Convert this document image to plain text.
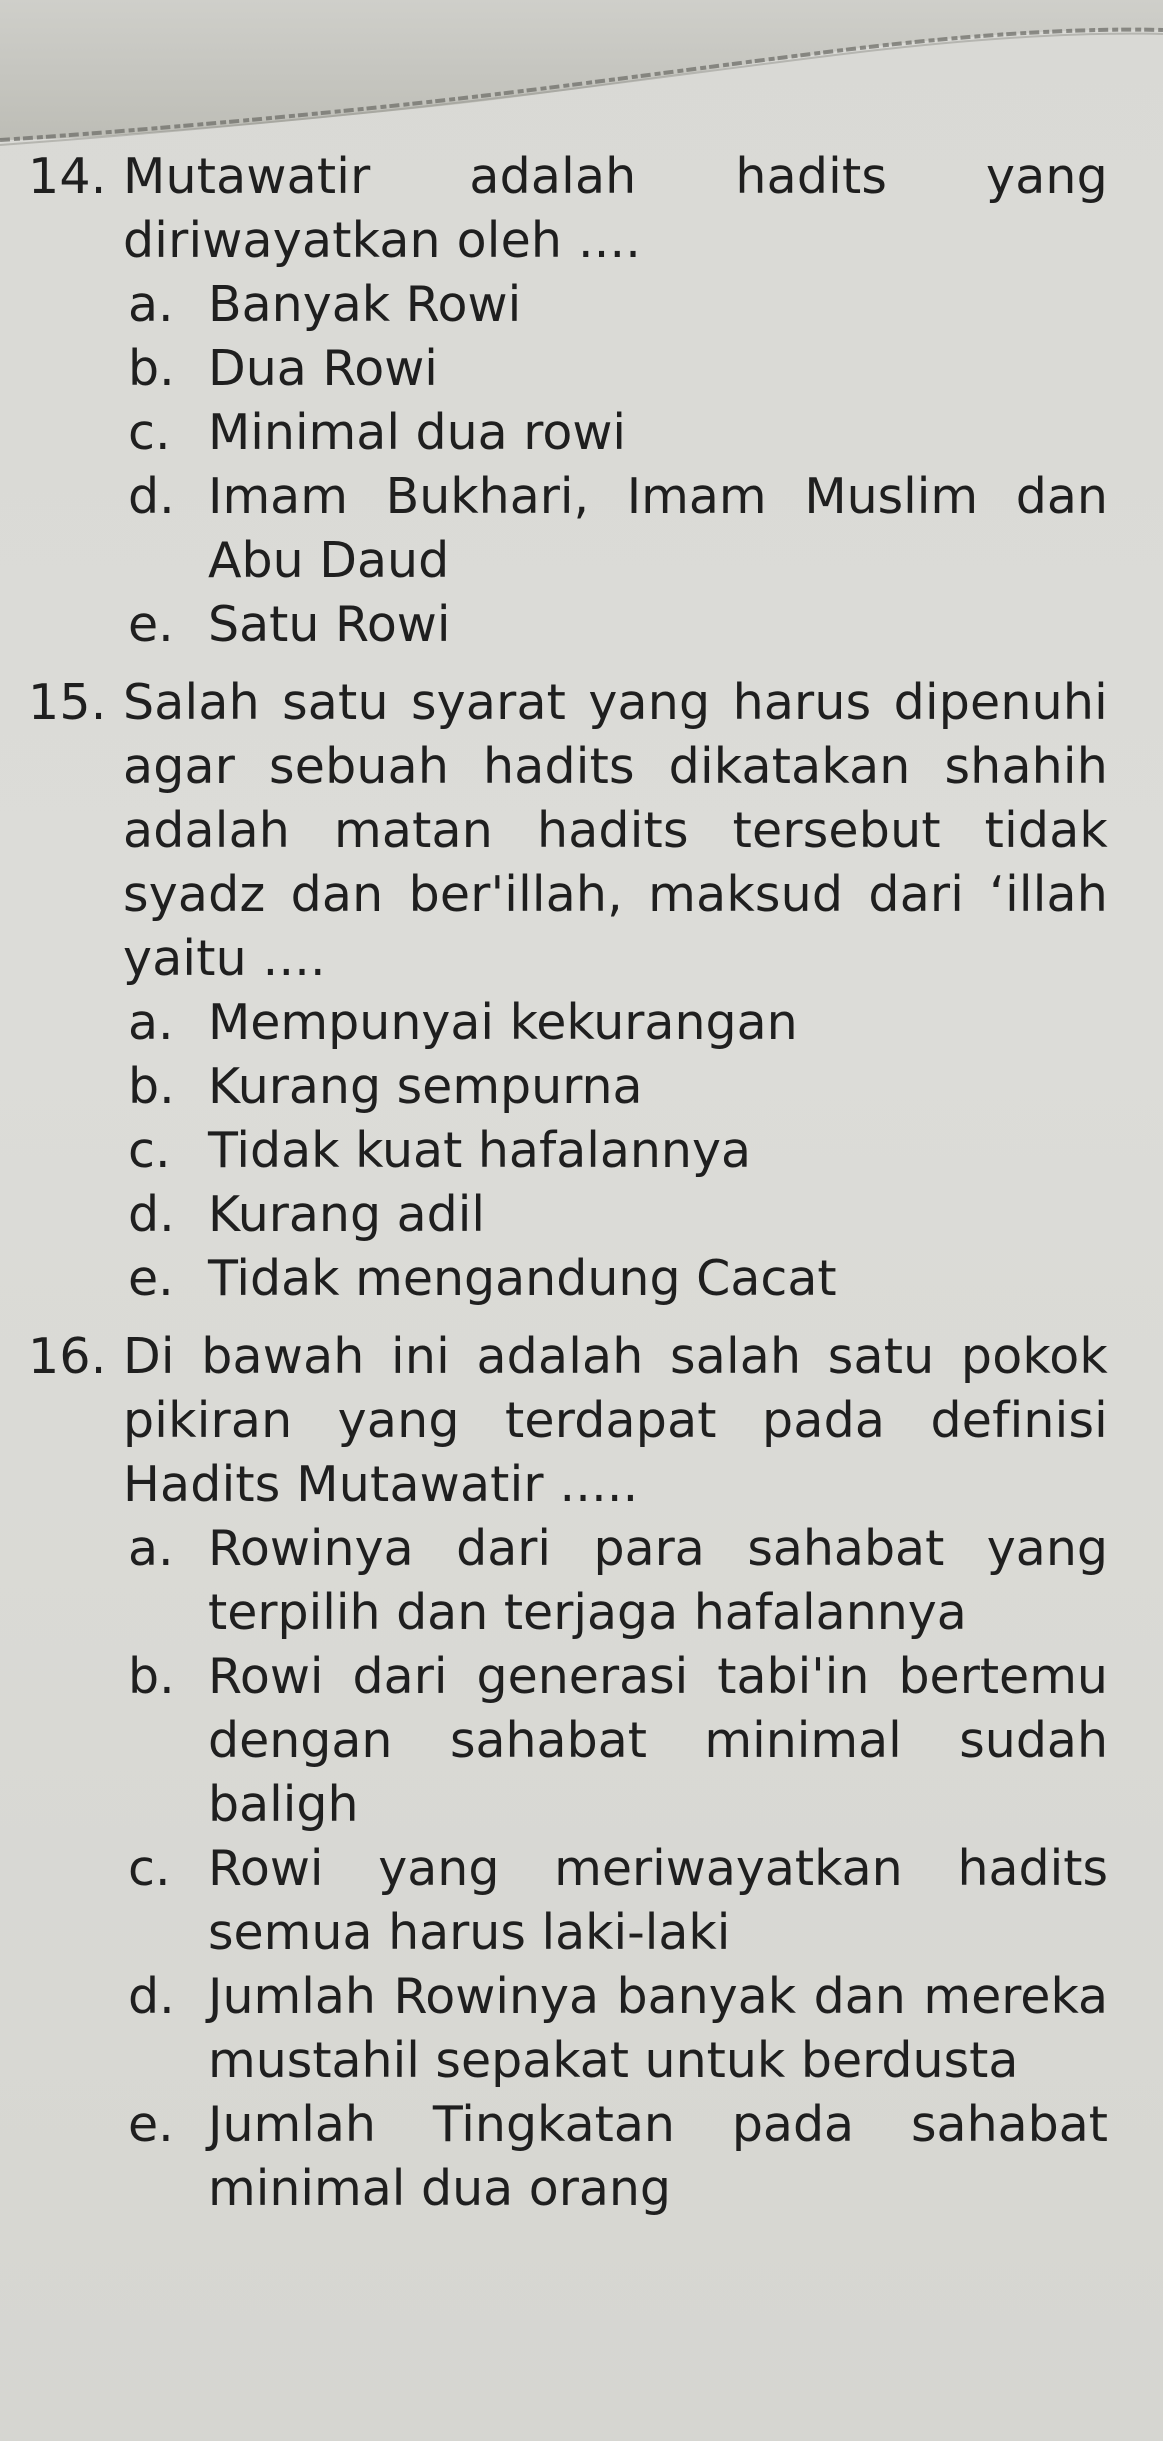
14. Mutawatir adalah hadits yang diriwayatkan oleh ....
a. Banyak Rowi
b. Dua Rowi
c. Minimal dua rowi
d. Imam Bukhari, Imam Muslim dan Abu Daud
e. Satu Rowi
15. Salah satu syarat yang harus dipenuhi agar sebuah hadits dikatakan shahih adalah matan hadits tersebut tidak syadz dan ber'illah, maksud dari ‘illah yaitu ....
a. Mempunyai kekurangan
b. Kurang sempurna
c. Tidak kuat hafalannya
d. Kurang adil
e. Tidak mengandung Cacat
16. Di bawah ini adalah salah satu pokok pikiran yang terdapat pada definisi Hadits Mutawatir .....
a. Rowinya dari para sahabat yang terpilih dan terjaga hafalannya
b. Rowi dari generasi tabi'in bertemu dengan sahabat minimal sudah baligh
c. Rowi yang meriwayatkan hadits semua harus laki-laki
d. Jumlah Rowinya banyak dan mereka mustahil sepakat untuk berdusta
e. Jumlah Tingkatan pada sahabat minimal dua orang
